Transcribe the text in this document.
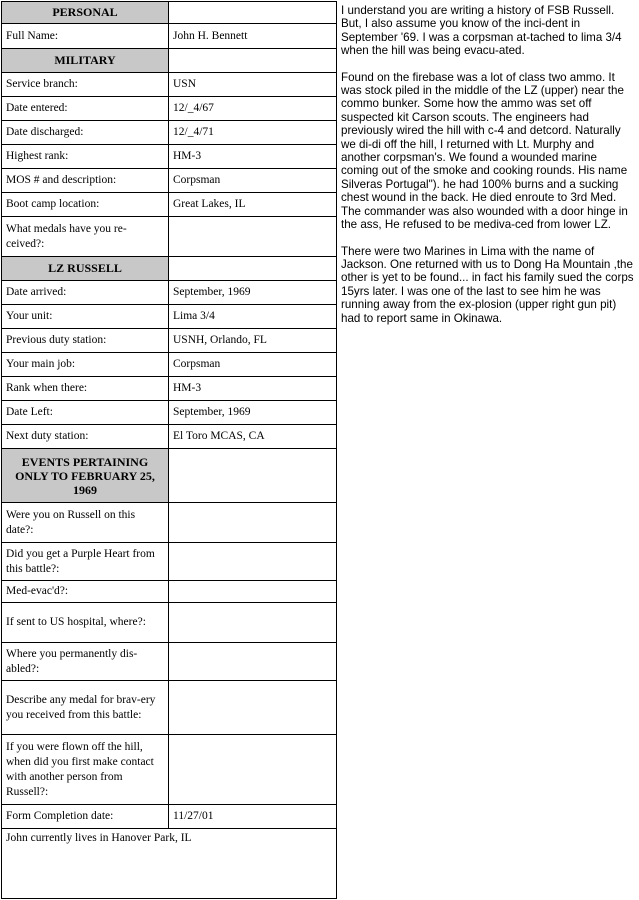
PERSONAL	
Full Name:	John H. Bennett
MILITARY	
Service branch:	USN
Date entered:	12/_4/67
Date discharged:	12/_4/71
Highest rank:	HM-3
MOS # and description:	Corpsman
Boot camp location:	Great Lakes, IL
What medals have you re-ceived?:	
LZ RUSSELL	
Date arrived:	September, 1969
Your unit:	Lima 3/4
Previous duty station:	USNH, Orlando, FL
Your main job:	Corpsman
Rank when there:	HM-3
Date Left:	September, 1969
Next duty station:	El Toro MCAS, CA
EVENTS PERTAINING ONLY TO FEBRUARY 25, 1969	
Were you on Russell on this date?:	
Did you get a Purple Heart from this battle?:	
Med-evac'd?:	
If sent to US hospital, where?:	
Where you permanently dis-abled?:	
Describe any medal for brav-ery you received from this battle:	
If you were flown off the hill, when did you first make contact with another person from Russell?:	
Form Completion date:	11/27/01
John currently lives in Hanover Park, IL	

I understand you are writing a history of FSB Russell. But, I also assume you know of the inci-dent in September '69. I was a corpsman at-tached to lima 3/4 when the hill was being evacu-ated.

Found on the firebase was a lot of class two ammo. It was stock piled in the middle of the LZ (upper) near the commo bunker. Some how the ammo was set off suspected kit Carson scouts. The engineers had previously wired the hill with c-4 and detcord. Naturally we di-di off the hill, I returned with Lt. Murphy and another corpsman's. We found a wounded marine coming out of the smoke and cooking rounds. His name Silveras Portugal"). he had 100% burns and a sucking chest wound in the back. He died enroute to 3rd Med. The commander was also wounded with a door hinge in the ass, He refused to be mediva-ced from lower LZ.

There were two Marines in Lima with the name of Jackson. One returned with us to Dong Ha Mountain ,the other is yet to be found... in fact his family sued the corps 15yrs later. I was one of the last to see him he was running away from the ex-plosion (upper right gun pit) had to report same in Okinawa.
